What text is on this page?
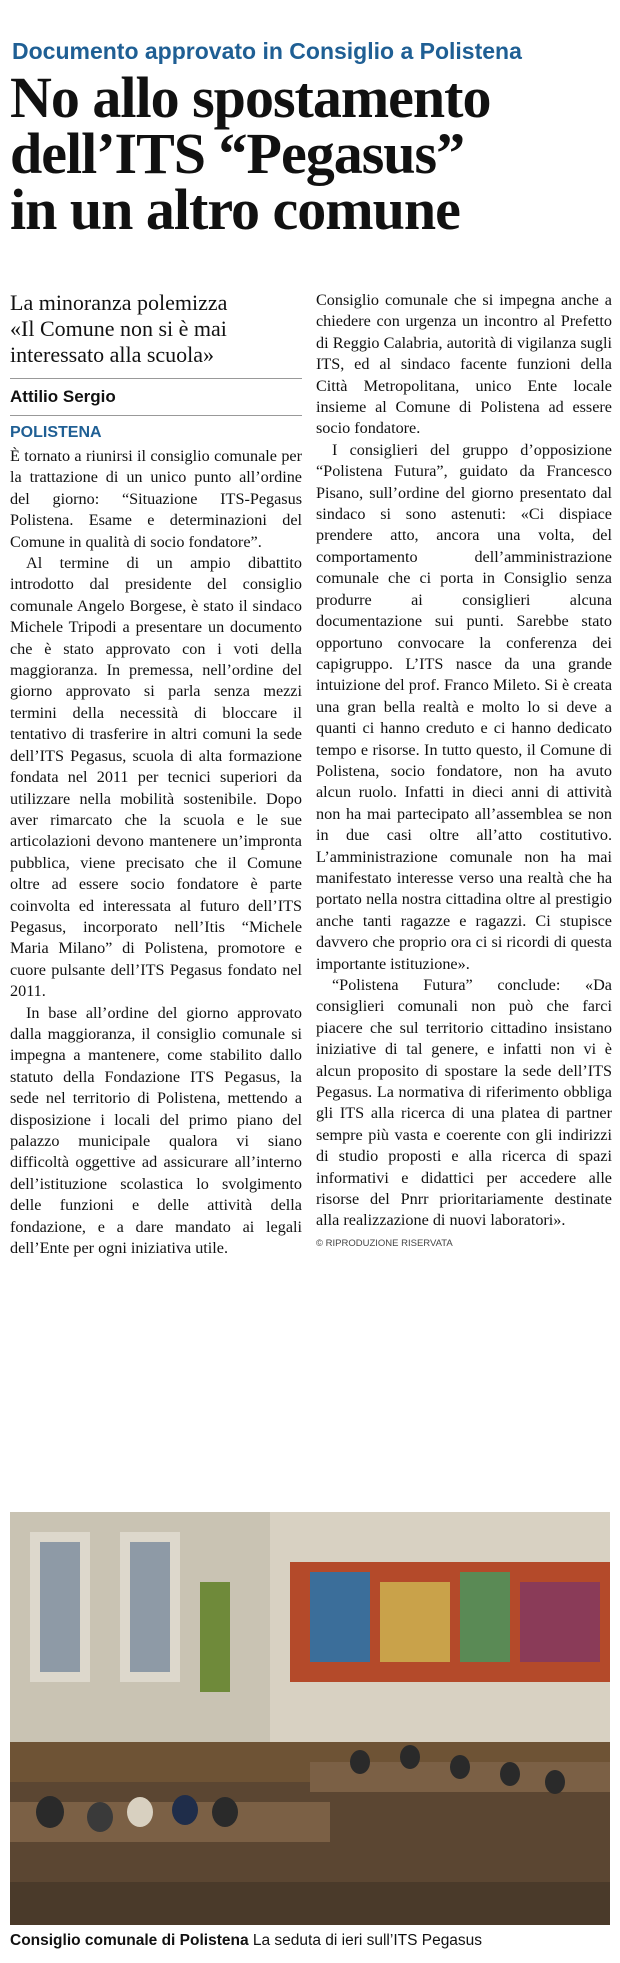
Documento approvato in Consiglio a Polistena
No allo spostamento
dell’ITS “Pegasus”
in un altro comune
La minoranza polemizza
«Il Comune non si è mai
interessato alla scuola»
Attilio Sergio
POLISTENA

È tornato a riunirsi il consiglio comunale per la trattazione di un unico punto all’ordine del giorno: “Situazione ITS-Pegasus Polistena. Esame e determinazioni del Comune in qualità di socio fondatore”.

Al termine di un ampio dibattito introdotto dal presidente del consiglio comunale Angelo Borgese, è stato il sindaco Michele Tripodi a presentare un documento che è stato approvato con i voti della maggioranza. In premessa, nell’ordine del giorno approvato si parla senza mezzi termini della necessità di bloccare il tentativo di trasferire in altri comuni la sede dell’ITS Pegasus, scuola di alta formazione fondata nel 2011 per tecnici superiori da utilizzare nella mobilità sostenibile. Dopo aver rimarcato che la scuola e le sue articolazioni devono mantenere un’impronta pubblica, viene precisato che il Comune oltre ad essere socio fondatore è parte coinvolta ed interessata al futuro dell’ITS Pegasus, incorporato nell’Itis “Michele Maria Milano” di Polistena, promotore e cuore pulsante dell’ITS Pegasus fondato nel 2011.

In base all’ordine del giorno approvato dalla maggioranza, il consiglio comunale si impegna a mantenere, come stabilito dallo statuto della Fondazione ITS Pegasus, la sede nel territorio di Polistena, mettendo a disposizione i locali del primo piano del palazzo municipale qualora vi siano difficoltà oggettive ad assicurare all’interno dell’istituzione scolastica lo svolgimento delle funzioni e delle attività della fondazione, e a dare mandato ai legali dell’Ente per ogni iniziativa utile.

Consiglio comunale che si impegna anche a chiedere con urgenza un incontro al Prefetto di Reggio Calabria, autorità di vigilanza sugli ITS, ed al sindaco facente funzioni della Città Metropolitana, unico Ente locale insieme al Comune di Polistena ad essere socio fondatore.

I consiglieri del gruppo d’opposizione “Polistena Futura”, guidato da Francesco Pisano, sull’ordine del giorno presentato dal sindaco si sono astenuti: «Ci dispiace prendere atto, ancora una volta, del comportamento dell’amministrazione comunale che ci porta in Consiglio senza produrre ai consiglieri alcuna documentazione sui punti. Sarebbe stato opportuno convocare la conferenza dei capigruppo. L’ITS nasce da una grande intuizione del prof. Franco Mileto. Si è creata una gran bella realtà e molto lo si deve a quanti ci hanno creduto e ci hanno dedicato tempo e risorse. In tutto questo, il Comune di Polistena, socio fondatore, non ha avuto alcun ruolo. Infatti in dieci anni di attività non ha mai partecipato all’assemblea se non in due casi oltre all’atto costitutivo. L’amministrazione comunale non ha mai manifestato interesse verso una realtà che ha portato nella nostra cittadina oltre al prestigio anche tanti ragazze e ragazzi. Ci stupisce davvero che proprio ora ci si ricordi di questa importante istituzione».

“Polistena Futura” conclude: «Da consiglieri comunali non può che farci piacere che sul territorio cittadino insistano iniziative di tal genere, e infatti non vi è alcun proposito di spostare la sede dell’ITS Pegasus. La normativa di riferimento obbliga gli ITS alla ricerca di una platea di partner sempre più vasta e coerente con gli indirizzi di studio proposti e alla ricerca di spazi informativi e didattici per accedere alle risorse del Pnrr prioritariamente destinate alla realizzazione di nuovi laboratori».

© RIPRODUZIONE RISERVATA
Consiglio comunale di Polistena La seduta di ieri sull’ITS Pegasus
